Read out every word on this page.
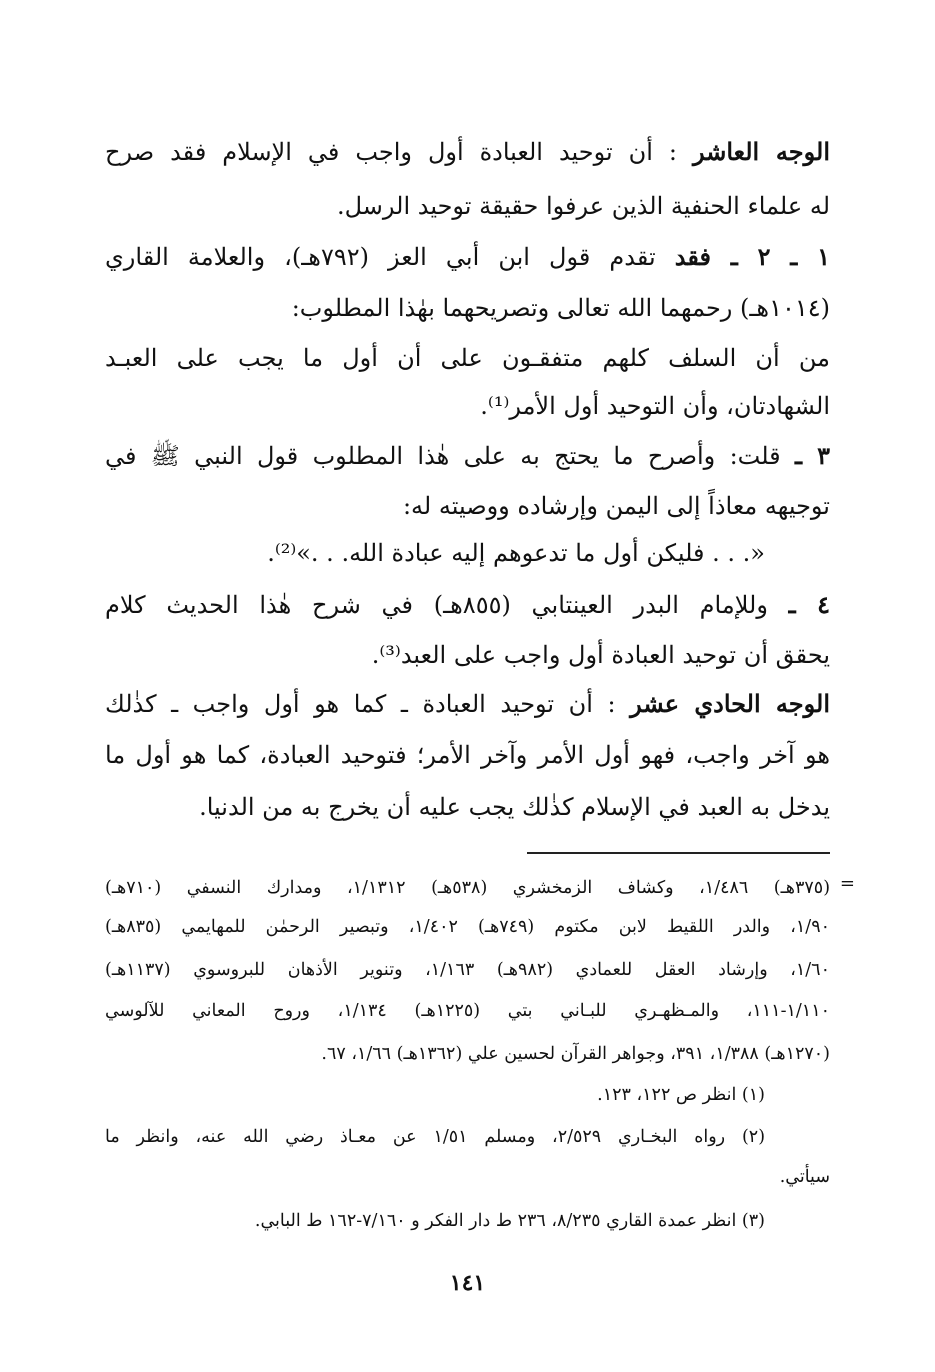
الوجه العاشر : أن توحيد العبادة أول واجب في الإسلام فقد صرح
له علماء الحنفية الذين عرفوا حقيقة توحيد الرسل.
١ ـ ٢ ـ فقد تقدم قول ابن أبي العز (٧٩٢هـ)، والعلامة القاري
(١٠١٤هـ) رحمهما الله تعالى وتصريحهما بهٰذا المطلوب:
من أن السلف كلهم متفقـون على أن أول ما يجب على العبـد
الشهادتان، وأن التوحيد أول الأمر⁽¹⁾.
٣ ـ قلت: وأصرح ما يحتج به على هٰذا المطلوب قول النبي ﷺ في
توجيهه معاذاً إلى اليمن وإرشاده ووصيته له:
«. . . فليكن أول ما تدعوهم إليه عبادة الله. . .»⁽²⁾.
٤ ـ وللإمام البدر العينتابي (٨٥٥هـ) في شرح هٰذا الحديث كلام
يحقق أن توحيد العبادة أول واجب على العبد⁽³⁾.
الوجه الحادي عشر : أن توحيد العبادة ـ كما هو أول واجب ـ كذٰلك
هو آخر واجب، فهو أول الأمر وآخر الأمر؛ فتوحيد العبادة، كما هو أول ما
يدخل به العبد في الإسلام كذٰلك يجب عليه أن يخرج به من الدنيا.
=
(٣٧٥هـ) ١/٤٨٦، وكشاف الزمخشري (٥٣٨هـ) ١/١٣١٢، ومدارك النسفي (٧١٠هـ)
١/٩٠، والدر اللقيط لابن مكتوم (٧٤٩هـ) ١/٤٠٢، وتبصير الرحمٰن للمهايمي (٨٣٥هـ)
١/٦٠، وإرشاد العقل للعمادي (٩٨٢هـ) ١/١٦٣، وتنوير الأذهان للبروسوي (١١٣٧هـ)
١/١١٠-١١١، والمـظهـري للبـاني بتي (١٢٢٥هـ) ١/١٣٤، وروح المعاني للآلوسي
(١٢٧٠هـ) ١/٣٨٨، ٣٩١، وجواهر القرآن لحسين علي (١٣٦٢هـ) ١/٦٦، ٦٧.
(١) انظر ص ١٢٢، ١٢٣.
(٢) رواه البخـاري ٢/٥٢٩، ومسلم ١/٥١ عن معـاذ رضي الله عنه، وانظر ما
سيأتي.
(٣) انظر عمدة القاري ٨/٢٣٥، ٢٣٦ ط دار الفكر و ٧/١٦٠-١٦٢ ط البابي.
١٤١
